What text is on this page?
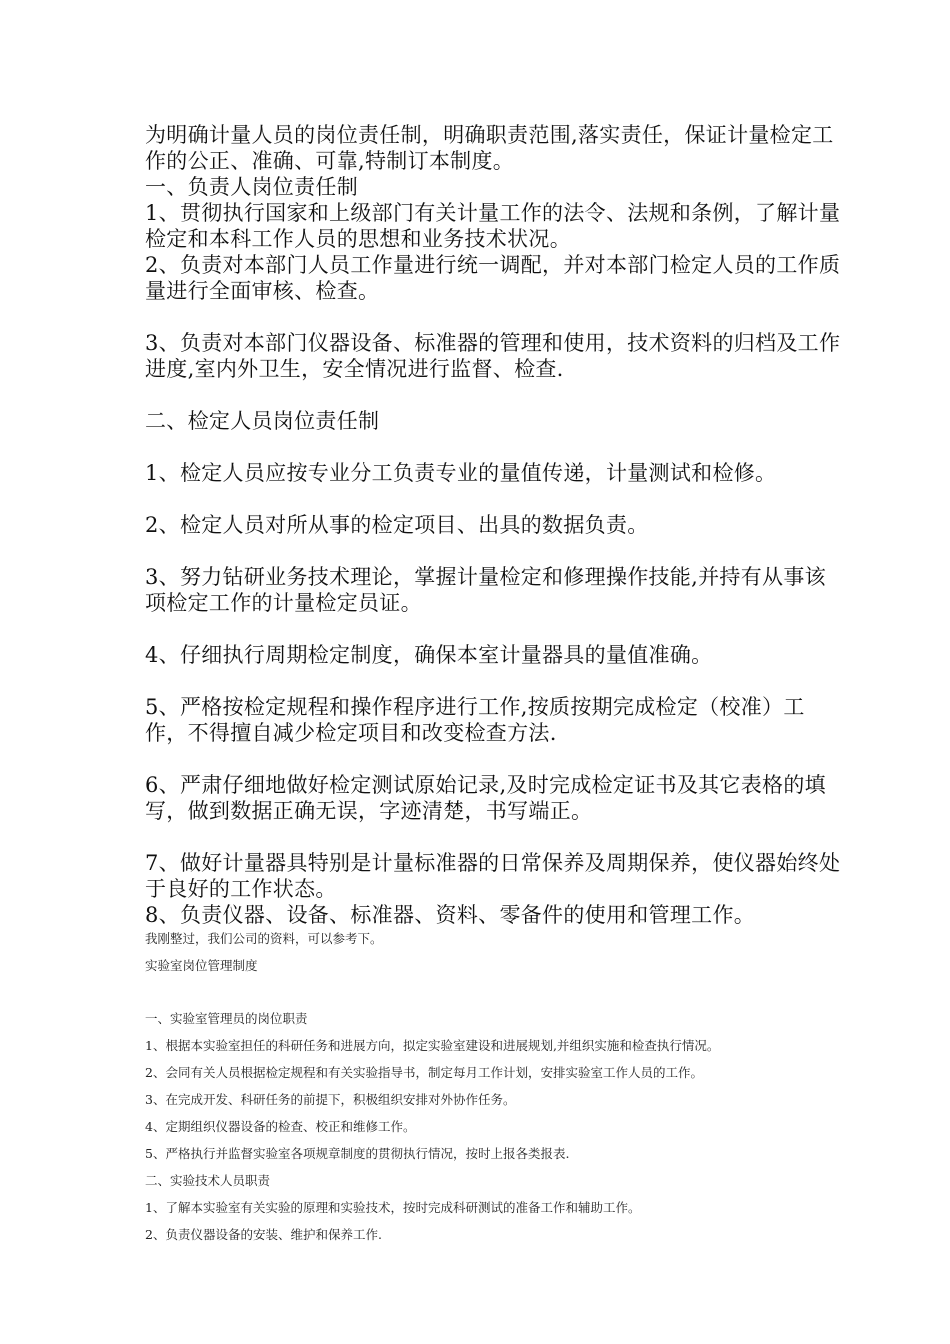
为明确计量人员的岗位责任制，明确职责范围,落实责任，保证计量检定工作的公正、准确、可靠,特制订本制度。

一、负责人岗位责任制

1、贯彻执行国家和上级部门有关计量工作的法令、法规和条例，了解计量检定和本科工作人员的思想和业务技术状况。

2、负责对本部门人员工作量进行统一调配，并对本部门检定人员的工作质量进行全面审核、检查。

3、负责对本部门仪器设备、标准器的管理和使用，技术资料的归档及工作进度,室内外卫生，安全情况进行监督、检查.

二、检定人员岗位责任制

1、检定人员应按专业分工负责专业的量值传递，计量测试和检修。

2、检定人员对所从事的检定项目、出具的数据负责。

3、努力钻研业务技术理论，掌握计量检定和修理操作技能,并持有从事该项检定工作的计量检定员证。

4、仔细执行周期检定制度，确保本室计量器具的量值准确。

5、严格按检定规程和操作程序进行工作,按质按期完成检定（校准）工作，不得擅自减少检定项目和改变检查方法.

6、严肃仔细地做好检定测试原始记录,及时完成检定证书及其它表格的填写，做到数据正确无误，字迹清楚，书写端正。

7、做好计量器具特别是计量标准器的日常保养及周期保养，使仪器始终处于良好的工作状态。

8、负责仪器、设备、标准器、资料、零备件的使用和管理工作。

我刚整过，我们公司的资料，可以参考下。

实验室岗位管理制度

一、实验室管理员的岗位职责

1、根据本实验室担任的科研任务和进展方向，拟定实验室建设和进展规划,并组织实施和检查执行情况。

2、会同有关人员根据检定规程和有关实验指导书，制定每月工作计划，安排实验室工作人员的工作。

3、在完成开发、科研任务的前提下，积极组织安排对外协作任务。

4、定期组织仪器设备的检查、校正和维修工作。

5、严格执行并监督实验室各项规章制度的贯彻执行情况，按时上报各类报表.

二、实验技术人员职责

1、了解本实验室有关实验的原理和实验技术，按时完成科研测试的准备工作和辅助工作。

2、负责仪器设备的安装、维护和保养工作.
